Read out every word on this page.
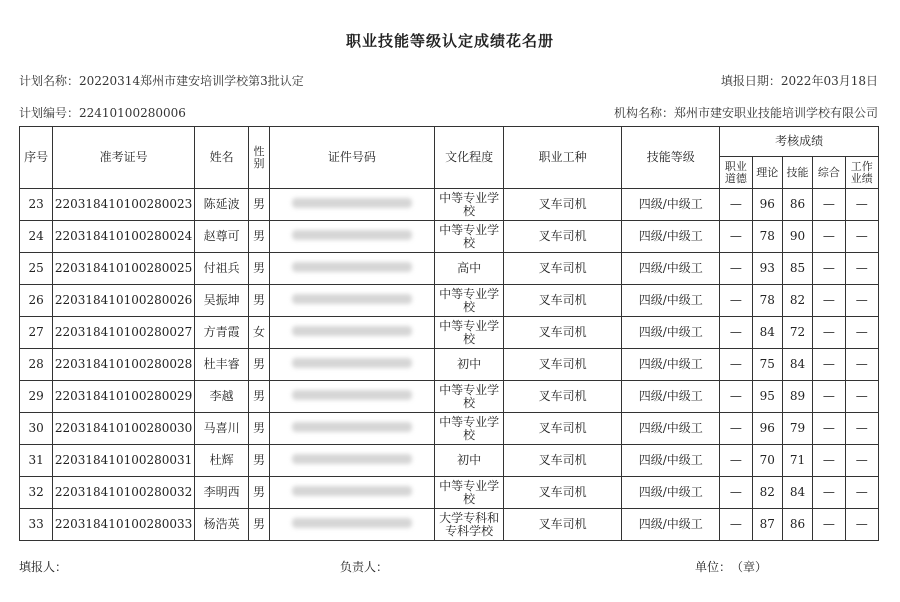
职业技能等级认定成绩花名册
计划名称：20220314郑州市建安培训学校第3批认定	填报日期：2022年03月18日
计划编号：22410100280006	机构名称：郑州市建安职业技能培训学校有限公司
序号	准考证号	姓名	性别	证件号码	文化程度	职业工种	技能等级	考核成绩				
								职业道德	理论	技能	综合	工作业绩
23	220318410100280023	陈延波	男		中等专业学校	叉车司机	四级/中级工	—	96	86	—	—
24	220318410100280024	赵尊可	男		中等专业学校	叉车司机	四级/中级工	—	78	90	—	—
25	220318410100280025	付祖兵	男		高中	叉车司机	四级/中级工	—	93	85	—	—
26	220318410100280026	吴振坤	男		中等专业学校	叉车司机	四级/中级工	—	78	82	—	—
27	220318410100280027	方青霞	女		中等专业学校	叉车司机	四级/中级工	—	84	72	—	—
28	220318410100280028	杜丰睿	男		初中	叉车司机	四级/中级工	—	75	84	—	—
29	220318410100280029	李越	男		中等专业学校	叉车司机	四级/中级工	—	95	89	—	—
30	220318410100280030	马喜川	男		中等专业学校	叉车司机	四级/中级工	—	96	79	—	—
31	220318410100280031	杜辉	男		初中	叉车司机	四级/中级工	—	70	71	—	—
32	220318410100280032	李明西	男		中等专业学校	叉车司机	四级/中级工	—	82	84	—	—
33	220318410100280033	杨浩英	男		大学专科和专科学校	叉车司机	四级/中级工	—	87	86	—	—
填报人：	负责人：	单位：　（章）
